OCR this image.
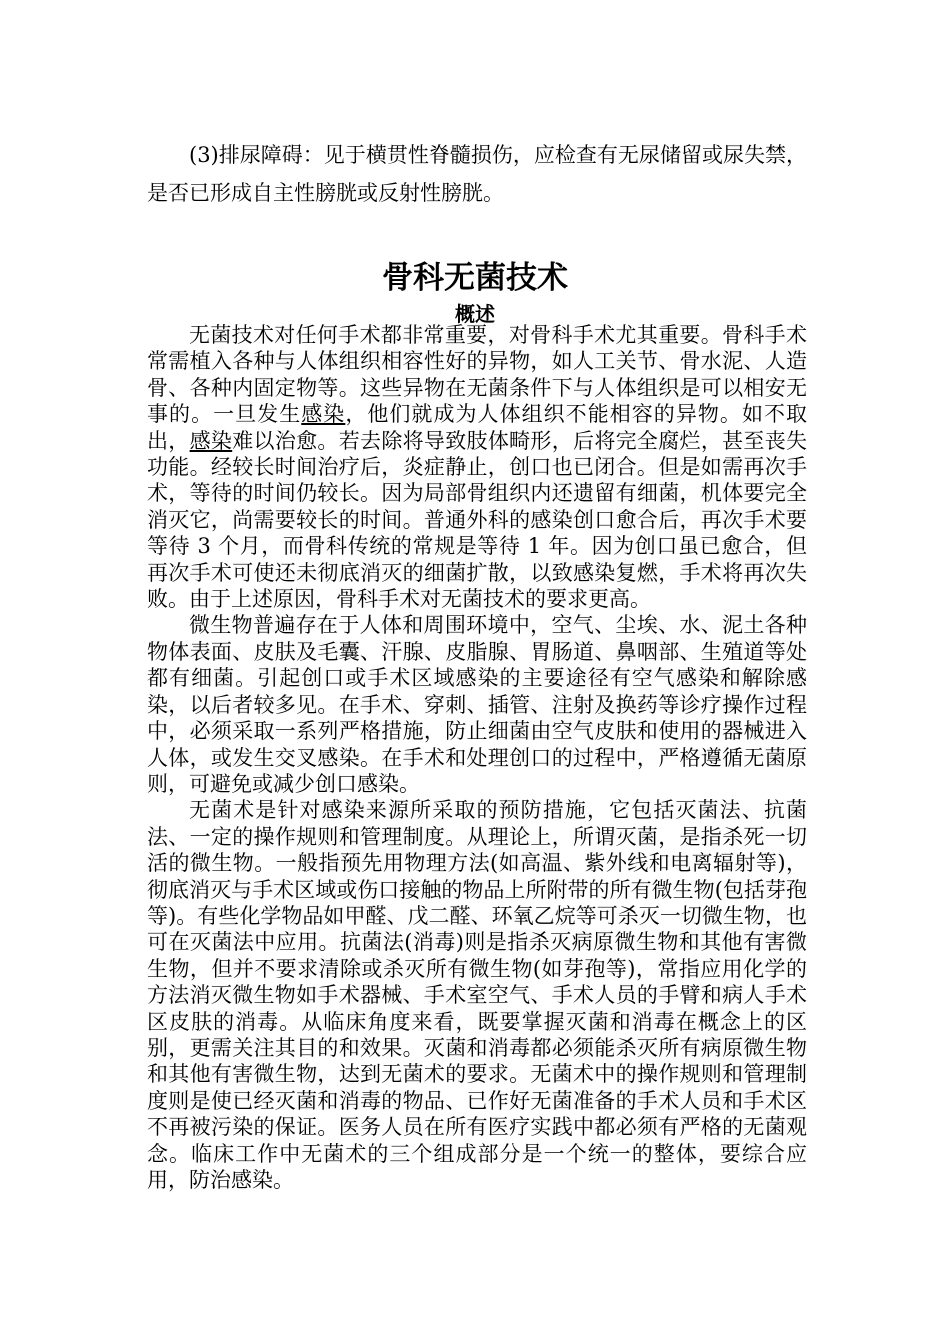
(3)排尿障碍：见于横贯性脊髓损伤，应检查有无尿储留或尿失禁，是否已形成自主性膀胱或反射性膀胱。

骨科无菌技术
概述

无菌技术对任何手术都非常重要，对骨科手术尤其重要。骨科手术常需植入各种与人体组织相容性好的异物，如人工关节、骨水泥、人造骨、各种内固定物等。这些异物在无菌条件下与人体组织是可以相安无事的。一旦发生感染，他们就成为人体组织不能相容的异物。如不取出，感染难以治愈。若去除将导致肢体畸形，后将完全腐烂，甚至丧失功能。经较长时间治疗后，炎症静止，创口也已闭合。但是如需再次手术，等待的时间仍较长。因为局部骨组织内还遗留有细菌，机体要完全消灭它，尚需要较长的时间。普通外科的感染创口愈合后，再次手术要等待 3 个月，而骨科传统的常规是等待 1 年。因为创口虽已愈合，但再次手术可使还未彻底消灭的细菌扩散，以致感染复燃，手术将再次失败。由于上述原因，骨科手术对无菌技术的要求更高。

微生物普遍存在于人体和周围环境中，空气、尘埃、水、泥土各种物体表面、皮肤及毛囊、汗腺、皮脂腺、胃肠道、鼻咽部、生殖道等处都有细菌。引起创口或手术区域感染的主要途径有空气感染和解除感染，以后者较多见。在手术、穿刺、插管、注射及换药等诊疗操作过程中，必须采取一系列严格措施，防止细菌由空气皮肤和使用的器械进入人体，或发生交叉感染。在手术和处理创口的过程中，严格遵循无菌原则，可避免或减少创口感染。

无菌术是针对感染来源所采取的预防措施，它包括灭菌法、抗菌法、一定的操作规则和管理制度。从理论上，所谓灭菌，是指杀死一切活的微生物。一般指预先用物理方法(如高温、紫外线和电离辐射等)，彻底消灭与手术区域或伤口接触的物品上所附带的所有微生物(包括芽孢等)。有些化学物品如甲醛、戊二醛、环氧乙烷等可杀灭一切微生物，也可在灭菌法中应用。抗菌法(消毒)则是指杀灭病原微生物和其他有害微生物，但并不要求清除或杀灭所有微生物(如芽孢等)，常指应用化学的方法消灭微生物如手术器械、手术室空气、手术人员的手臂和病人手术区皮肤的消毒。从临床角度来看，既要掌握灭菌和消毒在概念上的区别，更需关注其目的和效果。灭菌和消毒都必须能杀灭所有病原微生物和其他有害微生物，达到无菌术的要求。无菌术中的操作规则和管理制度则是使已经灭菌和消毒的物品、已作好无菌准备的手术人员和手术区不再被污染的保证。医务人员在所有医疗实践中都必须有严格的无菌观念。临床工作中无菌术的三个组成部分是一个统一的整体，要综合应用，防治感染。
